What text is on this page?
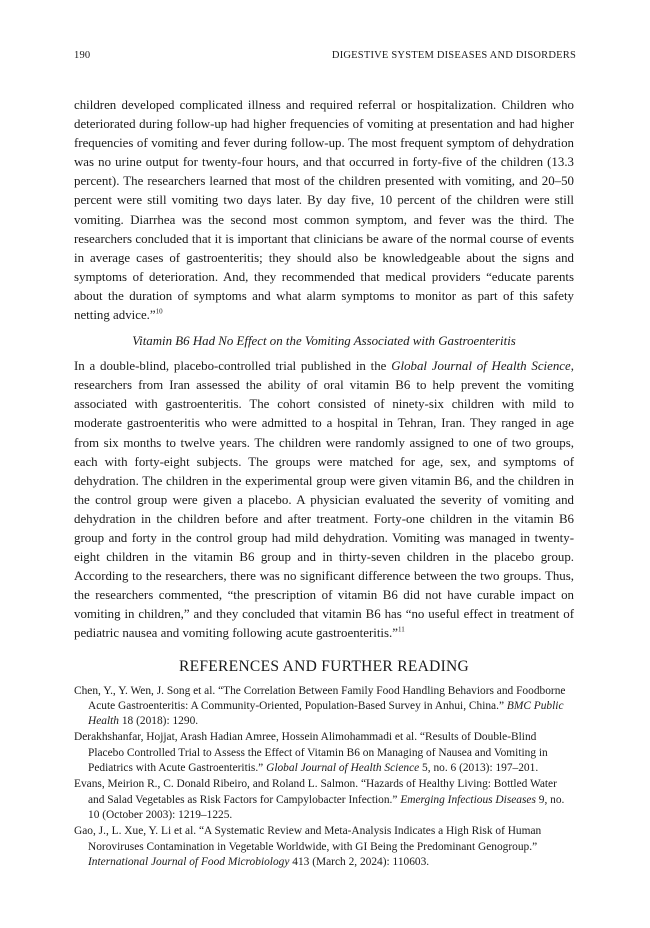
190	DIGESTIVE SYSTEM DISEASES AND DISORDERS

children developed complicated illness and required referral or hospitalization. Children who deteriorated during follow-up had higher frequencies of vomiting at presentation and had higher frequencies of vomiting and fever during follow-up. The most frequent symptom of dehydration was no urine output for twenty-four hours, and that occurred in forty-five of the children (13.3 percent). The researchers learned that most of the children presented with vomiting, and 20–50 percent were still vomiting two days later. By day five, 10 percent of the children were still vomiting. Diarrhea was the second most common symptom, and fever was the third. The researchers concluded that it is important that clinicians be aware of the normal course of events in average cases of gastroenteritis; they should also be knowledgeable about the signs and symptoms of deterioration. And, they recommended that medical providers “educate parents about the duration of symptoms and what alarm symptoms to monitor as part of this safety netting advice.”$^{10}$

Vitamin B6 Had No Effect on the Vomiting Associated with Gastroenteritis

In a double-blind, placebo-controlled trial published in the Global Journal of Health Science, researchers from Iran assessed the ability of oral vitamin B6 to help prevent the vomiting associated with gastroenteritis. The cohort consisted of ninety-six children with mild to moderate gastroenteritis who were admitted to a hospital in Tehran, Iran. They ranged in age from six months to twelve years. The children were randomly assigned to one of two groups, each with forty-eight subjects. The groups were matched for age, sex, and symptoms of dehydration. The children in the experimental group were given vitamin B6, and the children in the control group were given a placebo. A physician evaluated the severity of vomiting and dehydration in the children before and after treatment. Forty-one children in the vitamin B6 group and forty in the control group had mild dehydration. Vomiting was managed in twenty-eight children in the vitamin B6 group and in thirty-seven children in the placebo group. According to the researchers, there was no significant difference between the two groups. Thus, the researchers commented, “the prescription of vitamin B6 did not have curable impact on vomiting in children,” and they concluded that vitamin B6 has “no useful effect in treatment of pediatric nausea and vomiting following acute gastroenteritis.”$^{11}$

REFERENCES AND FURTHER READING

Chen, Y., Y. Wen, J. Song et al. “The Correlation Between Family Food Handling Behaviors and Foodborne Acute Gastroenteritis: A Community-Oriented, Population-Based Survey in Anhui, China.” BMC Public Health 18 (2018): 1290.

Derakhshanfar, Hojjat, Arash Hadian Amree, Hossein Alimohammadi et al. “Results of Double-Blind Placebo Controlled Trial to Assess the Effect of Vitamin B6 on Managing of Nausea and Vomiting in Pediatrics with Acute Gastroenteritis.” Global Journal of Health Science 5, no. 6 (2013): 197–201.

Evans, Meirion R., C. Donald Ribeiro, and Roland L. Salmon. “Hazards of Healthy Living: Bottled Water and Salad Vegetables as Risk Factors for Campylobacter Infection.” Emerging Infectious Diseases 9, no. 10 (October 2003): 1219–1225.

Gao, J., L. Xue, Y. Li et al. “A Systematic Review and Meta-Analysis Indicates a High Risk of Human Noroviruses Contamination in Vegetable Worldwide, with GI Being the Predominant Genogroup.” International Journal of Food Microbiology 413 (March 2, 2024): 110603.
